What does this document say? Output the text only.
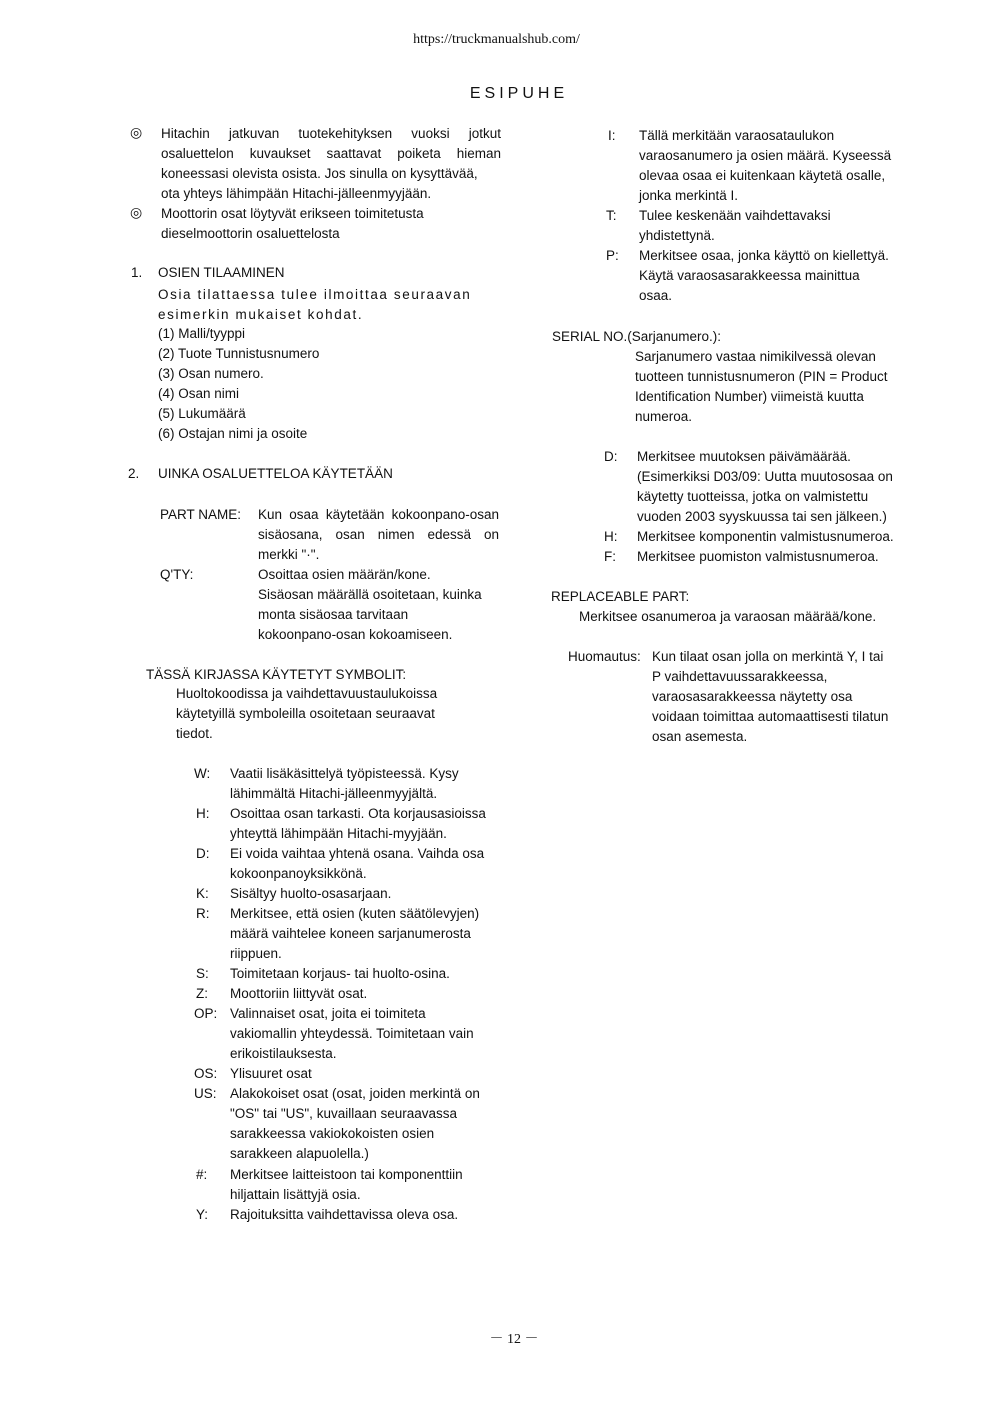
https://truckmanualshub.com/
ESIPUHE
◎ Hitachin jatkuvan tuotekehityksen vuoksi jotkut
osaluettelon kuvaukset saattavat poiketa hieman
koneessasi olevista osista. Jos sinulla on kysyttävää,
ota yhteys lähimpään Hitachi-jälleenmyyjään.
◎ Moottorin osat löytyvät erikseen toimitetusta
dieselmoottorin osaluettelosta
1. OSIEN TILAAMINEN
Osia tilattaessa tulee ilmoittaa seuraavan
esimerkin mukaiset kohdat.
(1) Malli/tyyppi
(2) Tuote Tunnistusnumero
(3) Osan numero.
(4) Osan nimi
(5) Lukumäärä
(6) Ostajan nimi ja osoite
2. UINKA OSALUETTELOA KÄYTETÄÄN
PART NAME: Kun osaa käytetään kokoonpano-osan
sisäosana, osan nimen edessä on
merkki "·".
Q'TY:	Osoittaa osien määrän/kone.
Sisäosan määrällä osoitetaan, kuinka
monta sisäosaa tarvitaan
kokoonpano-osan kokoamiseen.
TÄSSÄ KIRJASSA KÄYTETYT SYMBOLIT:
Huoltokoodissa ja vaihdettavuustaulukoissa
käytetyillä symboleilla osoitetaan seuraavat
tiedot.
W: Vaatii lisäkäsittelyä työpisteessä. Kysy
lähimmältä Hitachi-jälleenmyyjältä.
H: Osoittaa osan tarkasti. Ota korjausasioissa
yhteyttä lähimpään Hitachi-myyjään.
D: Ei voida vaihtaa yhtenä osana. Vaihda osa
kokoonpanoyksikkönä.
K: Sisältyy huolto-osasarjaan.
R: Merkitsee, että osien (kuten säätölevyjen)
määrä vaihtelee koneen sarjanumerosta
riippuen.
S: Toimitetaan korjaus- tai huolto-osina.
Z: Moottoriin liittyvät osat.
OP: Valinnaiset osat, joita ei toimiteta
vakiomallin yhteydessä. Toimitetaan vain
erikoistilauksesta.
OS: Ylisuuret osat
US: Alakokoiset osat (osat, joiden merkintä on
"OS" tai "US", kuvaillaan seuraavassa
sarakkeessa vakiokokoisten osien
sarakkeen alapuolella.)
#: Merkitsee laitteistoon tai komponenttiin
hiljattain lisättyjä osia.
Y: Rajoituksitta vaihdettavissa oleva osa.
I: Tällä merkitään varaosataulukon
varaosanumero ja osien määrä. Kyseessä
olevaa osaa ei kuitenkaan käytetä osalle,
jonka merkintä I.
T: Tulee keskenään vaihdettavaksi
yhdistettynä.
P: Merkitsee osaa, jonka käyttö on kiellettyä.
Käytä varaosasarakkeessa mainittua
osaa.
SERIAL NO.(Sarjanumero.):
Sarjanumero vastaa nimikilvessä olevan
tuotteen tunnistusnumeron (PIN = Product
Identification Number) viimeistä kuutta
numeroa.
D: Merkitsee muutoksen päivämäärää.
(Esimerkiksi D03/09: Uutta muutososaa on
käytetty tuotteissa, jotka on valmistettu
vuoden 2003 syyskuussa tai sen jälkeen.)
H: Merkitsee komponentin valmistusnumeroa.
F: Merkitsee puomiston valmistusnumeroa.
REPLACEABLE PART:
Merkitsee osanumeroa ja varaosan määrää/kone.
Huomautus: Kun tilaat osan jolla on merkintä Y, I tai
P vaihdettavuussarakkeessa,
varaosasarakkeessa näytetty osa
voidaan toimittaa automaattisesti tilatun
osan asemesta.
－ 12 －
